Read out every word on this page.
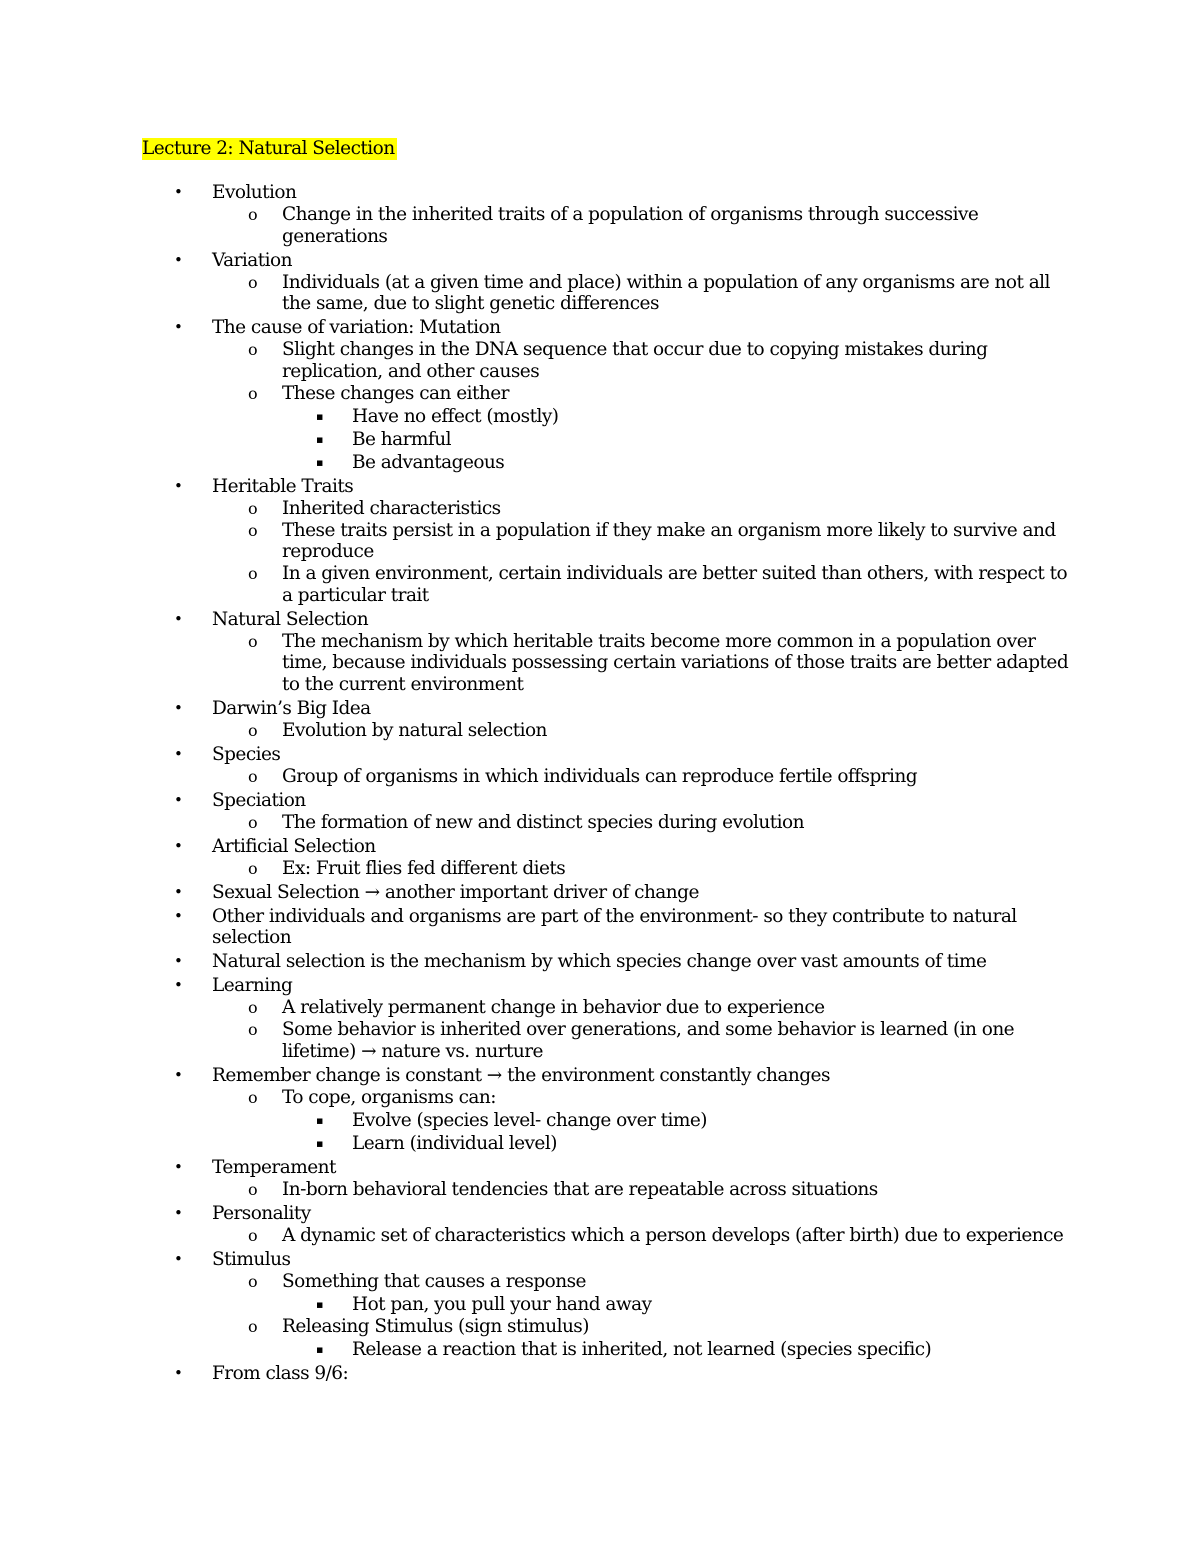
Lecture 2: Natural Selection
• Evolution
o Change in the inherited traits of a population of organisms through successive generations
• Variation
o Individuals (at a given time and place) within a population of any organisms are not all the same, due to slight genetic differences
• The cause of variation: Mutation
o Slight changes in the DNA sequence that occur due to copying mistakes during replication, and other causes
o These changes can either
▪ Have no effect (mostly)
▪ Be harmful
▪ Be advantageous
• Heritable Traits
o Inherited characteristics
o These traits persist in a population if they make an organism more likely to survive and reproduce
o In a given environment, certain individuals are better suited than others, with respect to a particular trait
• Natural Selection
o The mechanism by which heritable traits become more common in a population over time, because individuals possessing certain variations of those traits are better adapted to the current environment
• Darwin’s Big Idea
o Evolution by natural selection
• Species
o Group of organisms in which individuals can reproduce fertile offspring
• Speciation
o The formation of new and distinct species during evolution
• Artificial Selection
o Ex: Fruit flies fed different diets
• Sexual Selection → another important driver of change
• Other individuals and organisms are part of the environment- so they contribute to natural selection
• Natural selection is the mechanism by which species change over vast amounts of time
• Learning
o A relatively permanent change in behavior due to experience
o Some behavior is inherited over generations, and some behavior is learned (in one lifetime) → nature vs. nurture
• Remember change is constant → the environment constantly changes
o To cope, organisms can:
▪ Evolve (species level- change over time)
▪ Learn (individual level)
• Temperament
o In-born behavioral tendencies that are repeatable across situations
• Personality
o A dynamic set of characteristics which a person develops (after birth) due to experience
• Stimulus
o Something that causes a response
▪ Hot pan, you pull your hand away
o Releasing Stimulus (sign stimulus)
▪ Release a reaction that is inherited, not learned (species specific)
• From class 9/6:
